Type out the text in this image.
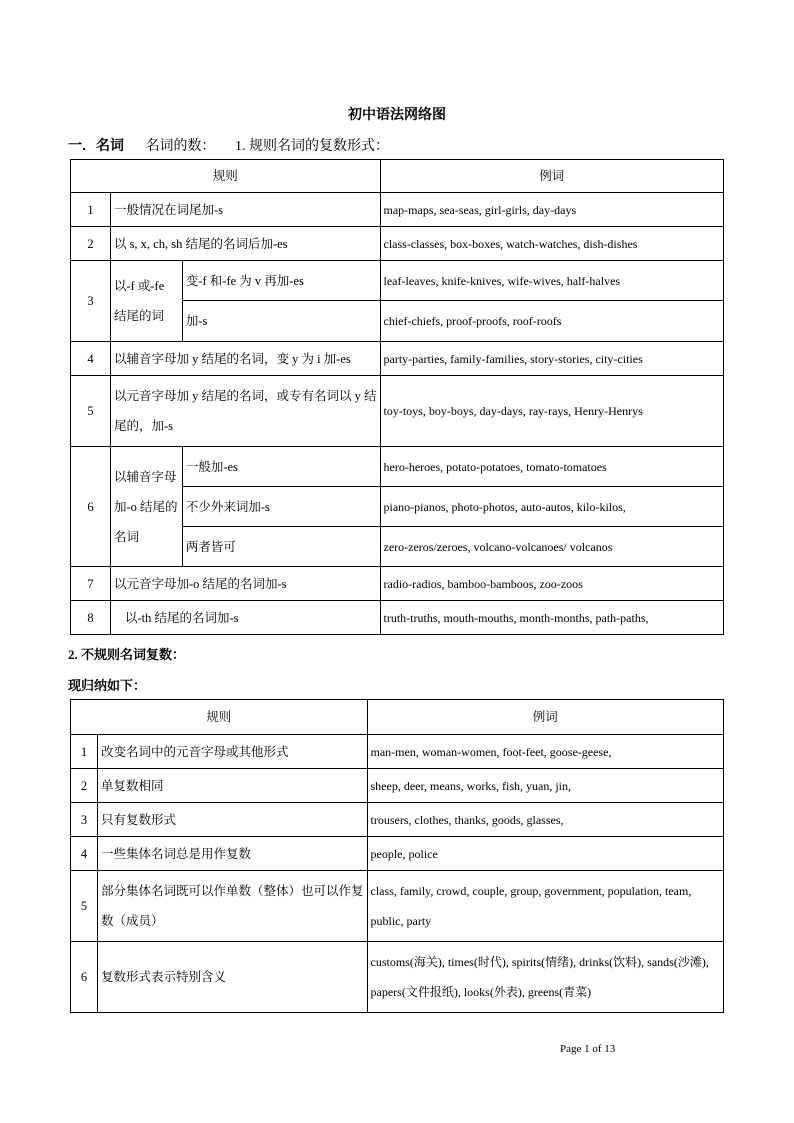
初中语法网络图
一．名词 名词的数： 1. 规则名词的复数形式：
规则			例词
1	一般情况在词尾加-s		map-maps, sea-seas, girl-girls, day-days
2	以 s, x, ch, sh 结尾的名词后加-es		class-classes, box-boxes, watch-watches, dish-dishes
3	以-f 或-fe 结尾的词	变-f 和-fe 为 v 再加-es	leaf-leaves, knife-knives, wife-wives, half-halves
		加-s	chief-chiefs, proof-proofs, roof-roofs
4	以辅音字母加 y 结尾的名词，变 y 为 i 加-es		party-parties, family-families, story-stories, city-cities
5	以元音字母加 y 结尾的名词，或专有名词以 y 结尾的，加-s		toy-toys, boy-boys, day-days, ray-rays, Henry-Henrys
6	以辅音字母加-o 结尾的名词	一般加-es	hero-heroes, potato-potatoes, tomato-tomatoes
		不少外来词加-s	piano-pianos, photo-photos, auto-autos, kilo-kilos,
		两者皆可	zero-zeros/zeroes, volcano-volcanoes/ volcanos
7	以元音字母加-o 结尾的名词加-s		radio-radios, bamboo-bamboos, zoo-zoos
8	以-th 结尾的名词加-s		truth-truths, mouth-mouths, month-months, path-paths,
2. 不规则名词复数：
现归纳如下：
规则		例词
1	改变名词中的元音字母或其他形式	man-men, woman-women, foot-feet, goose-geese,
2	单复数相同	sheep, deer, means, works, fish, yuan, jin,
3	只有复数形式	trousers, clothes, thanks, goods, glasses,
4	一些集体名词总是用作复数	people, police
5	部分集体名词既可以作单数（整体）也可以作复数（成员）	class, family, crowd, couple, group, government, population, team, public, party
6	复数形式表示特别含义	customs(海关), times(时代), spirits(情绪), drinks(饮料), sands(沙滩), papers(文件报纸), looks(外表), greens(青菜)
Page 1 of 13
